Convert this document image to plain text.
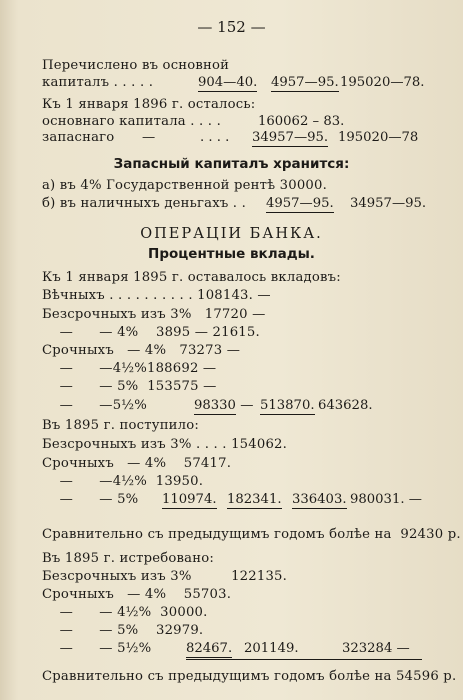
— 152 —
Перечислено въ основной
капиталъ . . . . .	904—40. 4957—95. 195020—78.
Къ 1 января 1896 г. осталось:
основнаго капитала . . . .	160062 – 83.
запаснаго —	. . . . 34957—95. 195020—78
Запасный капиталъ хранится:
а) въ 4% Государственной рентѣ 30000.
б) въ наличныхъ деньгахъ . . 4957—95. 34957—95.
ОПЕРАЦІИ БАНКА.
Процентные вклады.
Къ 1 января 1895 г. оставалось вкладовъ:
Вѣчныхъ . . . . . . . . . . 108143. —
Безсрочныхъ изъ 3%   17720 —
—      — 4%    3895 — 21615.
Срочныхъ   — 4%   73273 —
—      —4½%188692 —
—      — 5%  153575 —
—      —5½%	98330 — 513870. 643628.
Въ 1895 г. поступило:
Безсрочныхъ изъ 3% . . . . 154062.
Срочныхъ   — 4%    57417.
—      —4½%  13950.
—      — 5% 110974. 182341. 336403. 980031. —
Сравнительно съ предыдущимъ годомъ болѣе на  92430 р.
Въ 1895 г. истребовано:
Безсрочныхъ изъ 3%         122135.
Срочныхъ   — 4%    55703.
—      — 4½%  30000.
—      — 5%    32979.
—      — 5½%	82467. 201149.	323284 —
Сравнительно съ предыдущимъ годомъ болѣе на 54596 р.
